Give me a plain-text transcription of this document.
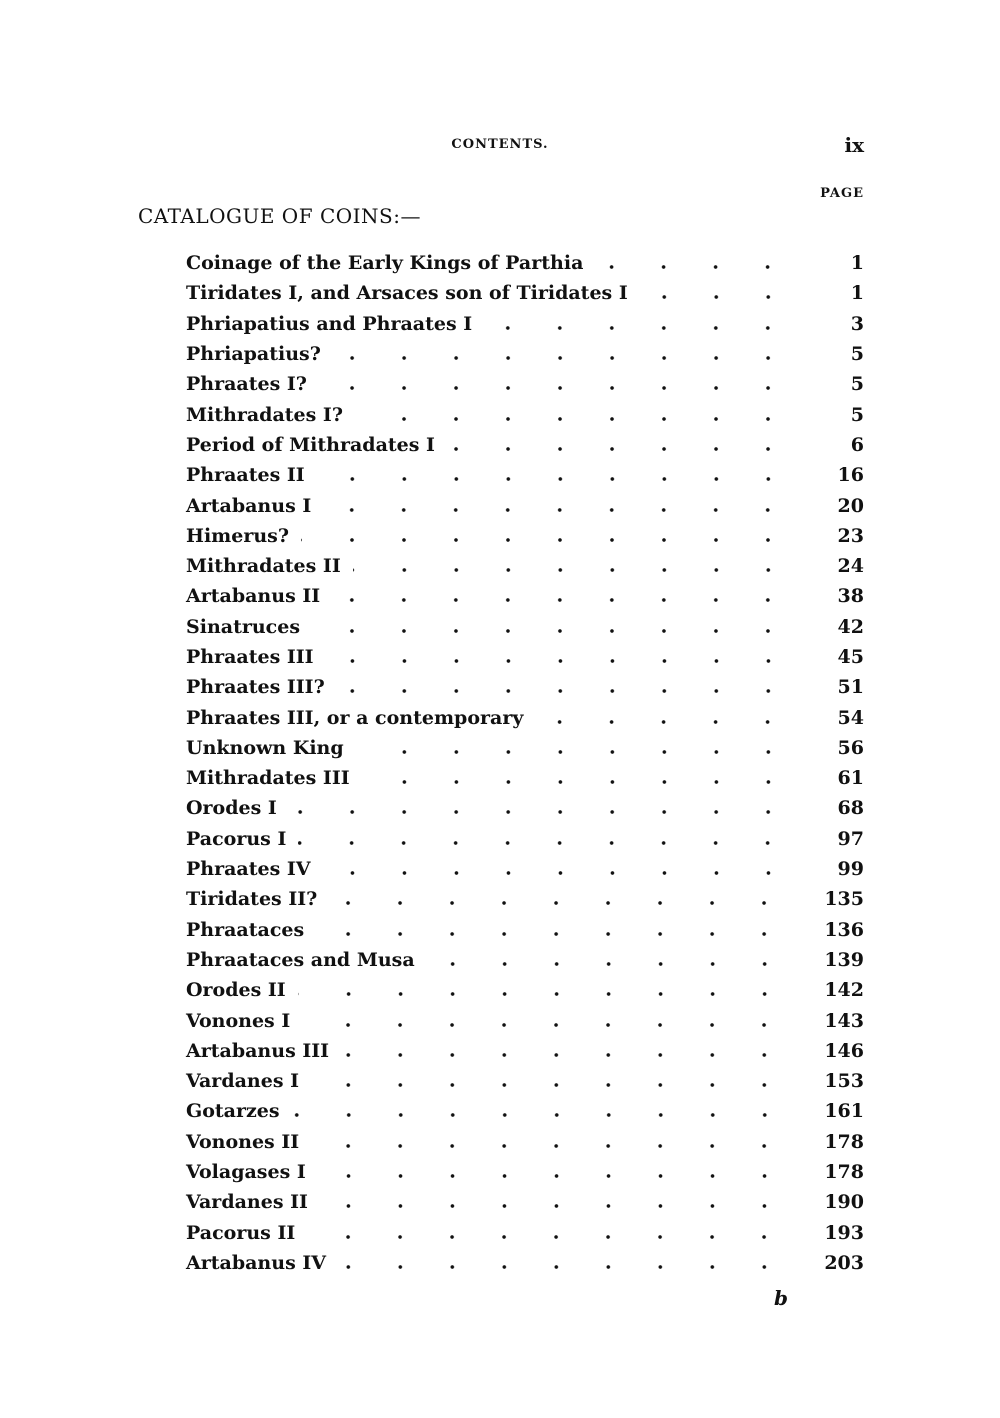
CONTENTS.	ix
PAGE
CATALOGUE OF COINS:—
Coinage of the Early Kings of Parthia	1
Tiridates I, and Arsaces son of Tiridates I	1
Phriapatius and Phraates I	3
Phriapatius?	5
Phraates I?	5
Mithradates I?	5
Period of Mithradates I	6
Phraates II	16
Artabanus I	20
Himerus?	23
Mithradates II	24
Artabanus II	38
Sinatruces	42
Phraates III	45
Phraates III?	51
Phraates III, or a contemporary	54
Unknown King	56
Mithradates III	61
Orodes I	68
Pacorus I	97
Phraates IV	99
Tiridates II?	135
Phraataces	136
Phraataces and Musa	139
Orodes II	142
Vonones I	143
Artabanus III	146
Vardanes I	153
Gotarzes	161
Vonones II	178
Volagases I	178
Vardanes II	190
Pacorus II	193
Artabanus IV	203
b
